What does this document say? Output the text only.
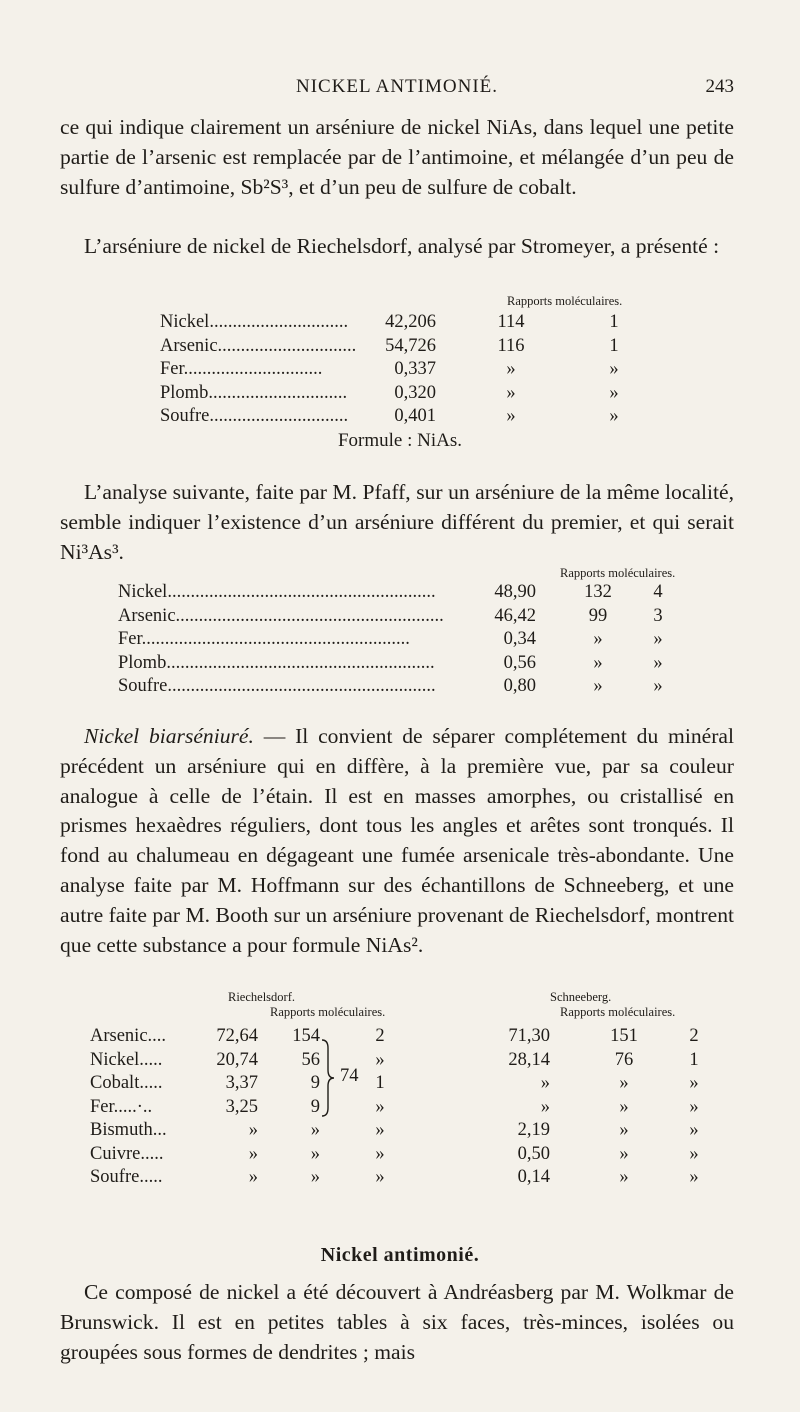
NICKEL ANTIMONIÉ.	243

ce qui indique clairement un arséniure de nickel NiAs, dans lequel une petite partie de l’arsenic est remplacée par de l’antimoine, et mélangée d’un peu de sulfure d’antimoine, Sb²S³, et d’un peu de sulfure de cobalt.

L’arséniure de nickel de Riechelsdorf, analysé par Stromeyer, a présenté :

Rapports moléculaires.
Nickel..............................	42,206	114	1
Arsenic..............................	54,726	116	1
Fer..............................	0,337	»	»
Plomb..............................	0,320	»	»
Soufre..............................	0,401	»	»
Formule : NiAs.

L’analyse suivante, faite par M. Pfaff, sur un arséniure de la même localité, semble indiquer l’existence d’un arséniure différent du premier, et qui serait Ni³As³.

Rapports moléculaires.
Nickel..........................................................	48,90	132	4
Arsenic..........................................................	46,42	99	3
Fer..........................................................	0,34	»	»
Plomb..........................................................	0,56	»	»
Soufre..........................................................	0,80	»	»

Nickel biarséniuré. — Il convient de séparer complétement du minéral précédent un arséniure qui en diffère, à la première vue, par sa couleur analogue à celle de l’étain. Il est en masses amorphes, ou cristallisé en prismes hexaèdres réguliers, dont tous les angles et arêtes sont tronqués. Il fond au chalumeau en dégageant une fumée arsenicale très-abondante. Une analyse faite par M. Hoffmann sur des échantillons de Schneeberg, et une autre faite par M. Booth sur un arséniure provenant de Riechelsdorf, montrent que cette substance a pour formule NiAs².

Riechelsdorf.
Rapports moléculaires.
Schneeberg.
Rapports moléculaires.
74
Arsenic....	72,64	154	2	71,30	151	2
Nickel.....	20,74	56	»	28,14	76	1
Cobalt.....	3,37	9	1	»	»	»
Fer.....·..	3,25	9	»	»	»	»
Bismuth...	»	»	»	2,19	»	»
Cuivre.....	»	»	»	0,50	»	»
Soufre.....	»	»	»	0,14	»	»
Nickel antimonié.

Ce composé de nickel a été découvert à Andréasberg par M. Wolkmar de Brunswick. Il est en petites tables à six faces, très-minces, isolées ou groupées sous formes de dendrites ; mais
